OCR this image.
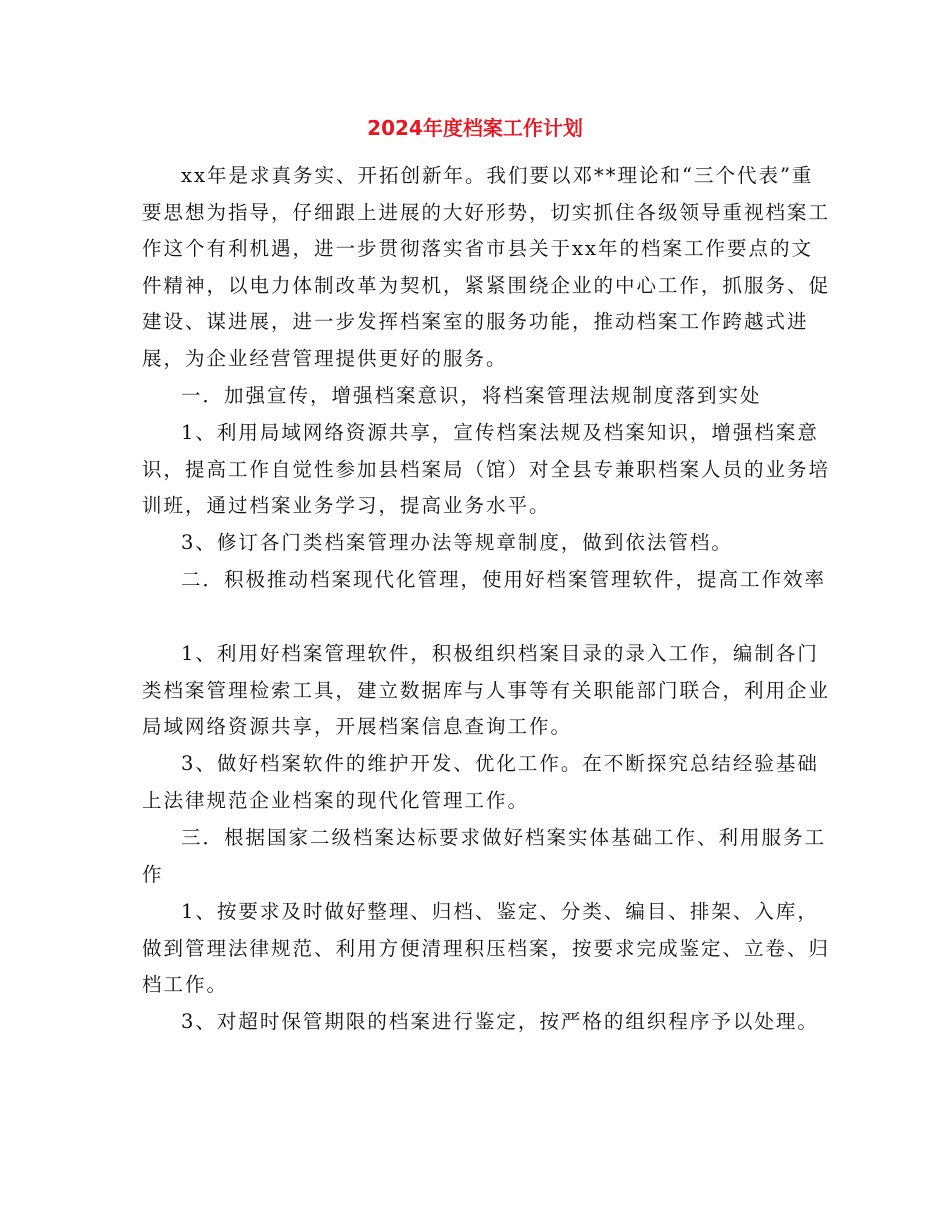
2024年度档案工作计划

xx年是求真务实、开拓创新年。我们要以邓**理论和“三个代表”重要思想为指导，仔细跟上进展的大好形势，切实抓住各级领导重视档案工作这个有利机遇，进一步贯彻落实省市县关于xx年的档案工作要点的文件精神，以电力体制改革为契机，紧紧围绕企业的中心工作，抓服务、促建设、谋进展，进一步发挥档案室的服务功能，推动档案工作跨越式进展，为企业经营管理提供更好的服务。

一．加强宣传，增强档案意识，将档案管理法规制度落到实处

1、利用局域网络资源共享，宣传档案法规及档案知识，增强档案意识，提高工作自觉性参加县档案局（馆）对全县专兼职档案人员的业务培训班，通过档案业务学习，提高业务水平。

3、修订各门类档案管理办法等规章制度，做到依法管档。

二．积极推动档案现代化管理，使用好档案管理软件，提高工作效率

1、利用好档案管理软件，积极组织档案目录的录入工作，编制各门类档案管理检索工具，建立数据库与人事等有关职能部门联合，利用企业局域网络资源共享，开展档案信息查询工作。

3、做好档案软件的维护开发、优化工作。在不断探究总结经验基础上法律规范企业档案的现代化管理工作。

三．根据国家二级档案达标要求做好档案实体基础工作、利用服务工作

1、按要求及时做好整理、归档、鉴定、分类、编目、排架、入库，做到管理法律规范、利用方便清理积压档案，按要求完成鉴定、立卷、归档工作。

3、对超时保管期限的档案进行鉴定，按严格的组织程序予以处理。
